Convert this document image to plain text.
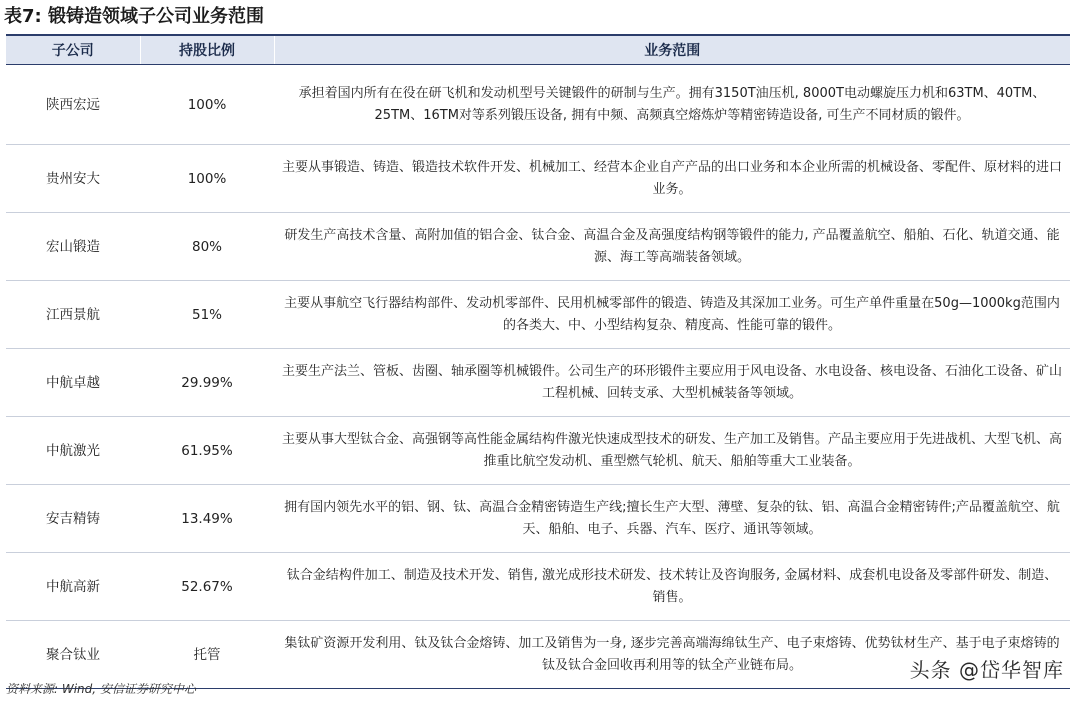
表7: 锻铸造领域子公司业务范围
子公司	持股比例	业务范围
陕西宏远	100%	承担着国内所有在役在研飞机和发动机型号关键锻件的研制与生产。拥有3150T油压机, 8000T电动螺旋压力机和63TM、40TM、25TM、16TM对等系列锻压设备, 拥有中频、高频真空熔炼炉等精密铸造设备, 可生产不同材质的锻件。
贵州安大	100%	主要从事锻造、铸造、锻造技术软件开发、机械加工、经营本企业自产产品的出口业务和本企业所需的机械设备、零配件、原材料的进口业务。
宏山锻造	80%	研发生产高技术含量、高附加值的铝合金、钛合金、高温合金及高强度结构钢等锻件的能力, 产品覆盖航空、船舶、石化、轨道交通、能源、海工等高端装备领域。
江西景航	51%	主要从事航空飞行器结构部件、发动机零部件、民用机械零部件的锻造、铸造及其深加工业务。可生产单件重量在50g—1000kg范围内的各类大、中、小型结构复杂、精度高、性能可靠的锻件。
中航卓越	29.99%	主要生产法兰、管板、齿圈、轴承圈等机械锻件。公司生产的环形锻件主要应用于风电设备、水电设备、核电设备、石油化工设备、矿山工程机械、回转支承、大型机械装备等领域。
中航激光	61.95%	主要从事大型钛合金、高强钢等高性能金属结构件激光快速成型技术的研发、生产加工及销售。产品主要应用于先进战机、大型飞机、高推重比航空发动机、重型燃气轮机、航天、船舶等重大工业装备。
安吉精铸	13.49%	拥有国内领先水平的铝、钢、钛、高温合金精密铸造生产线;擅长生产大型、薄壁、复杂的钛、铝、高温合金精密铸件;产品覆盖航空、航天、船舶、电子、兵器、汽车、医疗、通讯等领域。
中航高新	52.67%	钛合金结构件加工、制造及技术开发、销售, 激光成形技术研发、技术转让及咨询服务, 金属材料、成套机电设备及零部件研发、制造、销售。
聚合钛业	托管	集钛矿资源开发利用、钛及钛合金熔铸、加工及销售为一身, 逐步完善高端海绵钛生产、电子束熔铸、优势钛材生产、基于电子束熔铸的钛及钛合金回收再利用等的钛全产业链布局。
资料来源: Wind, 安信证券研究中心
头条 @岱华智库
